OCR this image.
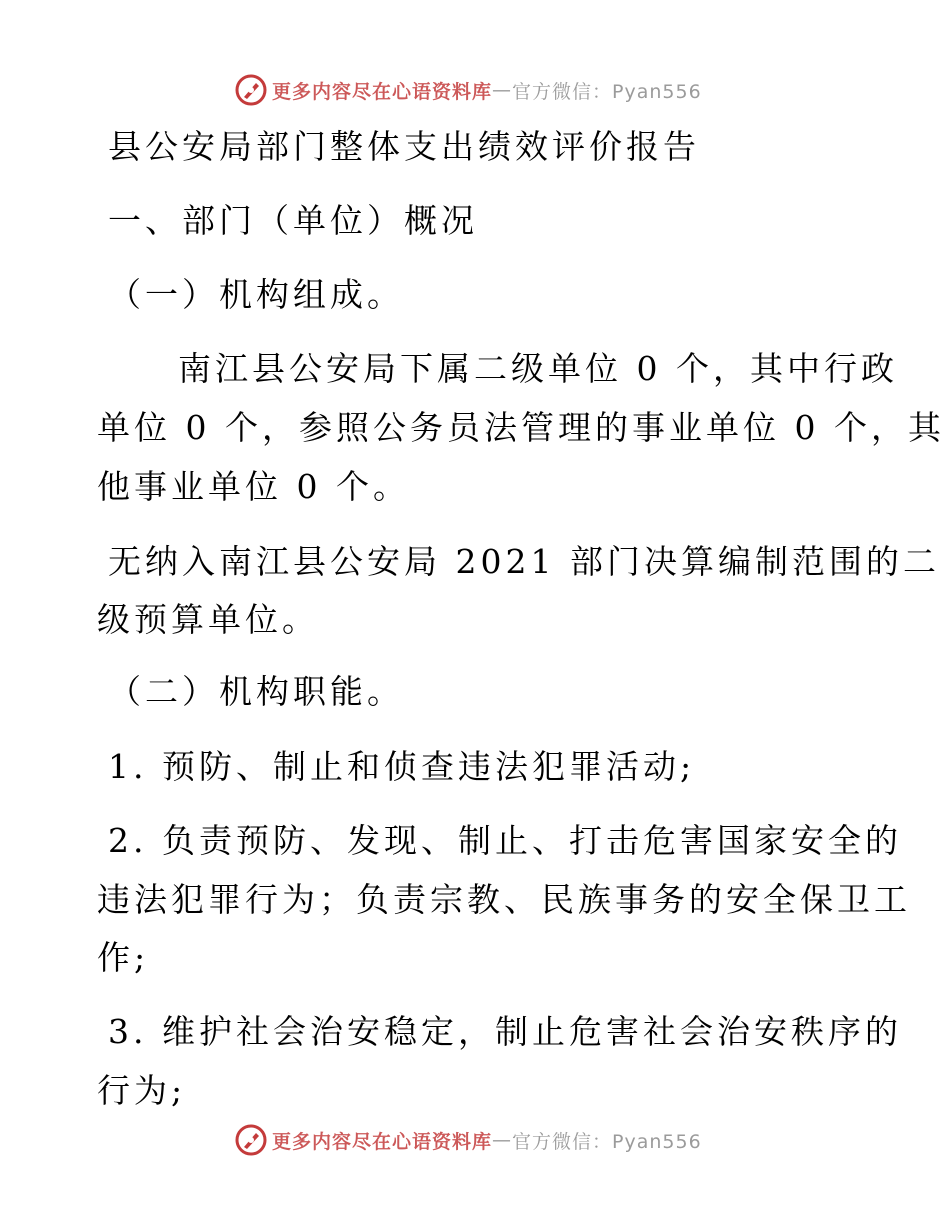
更多内容尽在心语资料库 — 官方微信：Pyan556
县公安局部门整体支出绩效评价报告
一、部门（单位）概况
（一）机构组成。
南江县公安局下属二级单位 0 个，其中行政
单位 0 个，参照公务员法管理的事业单位 0 个，其
他事业单位 0 个。
无纳入南江县公安局 2021 部门决算编制范围的二
级预算单位。
（二）机构职能。
1. 预防、制止和侦查违法犯罪活动;
2. 负责预防、发现、制止、打击危害国家安全的
违法犯罪行为；负责宗教、民族事务的安全保卫工
作;
3. 维护社会治安稳定，制止危害社会治安秩序的
行为;
更多内容尽在心语资料库 — 官方微信：Pyan556
